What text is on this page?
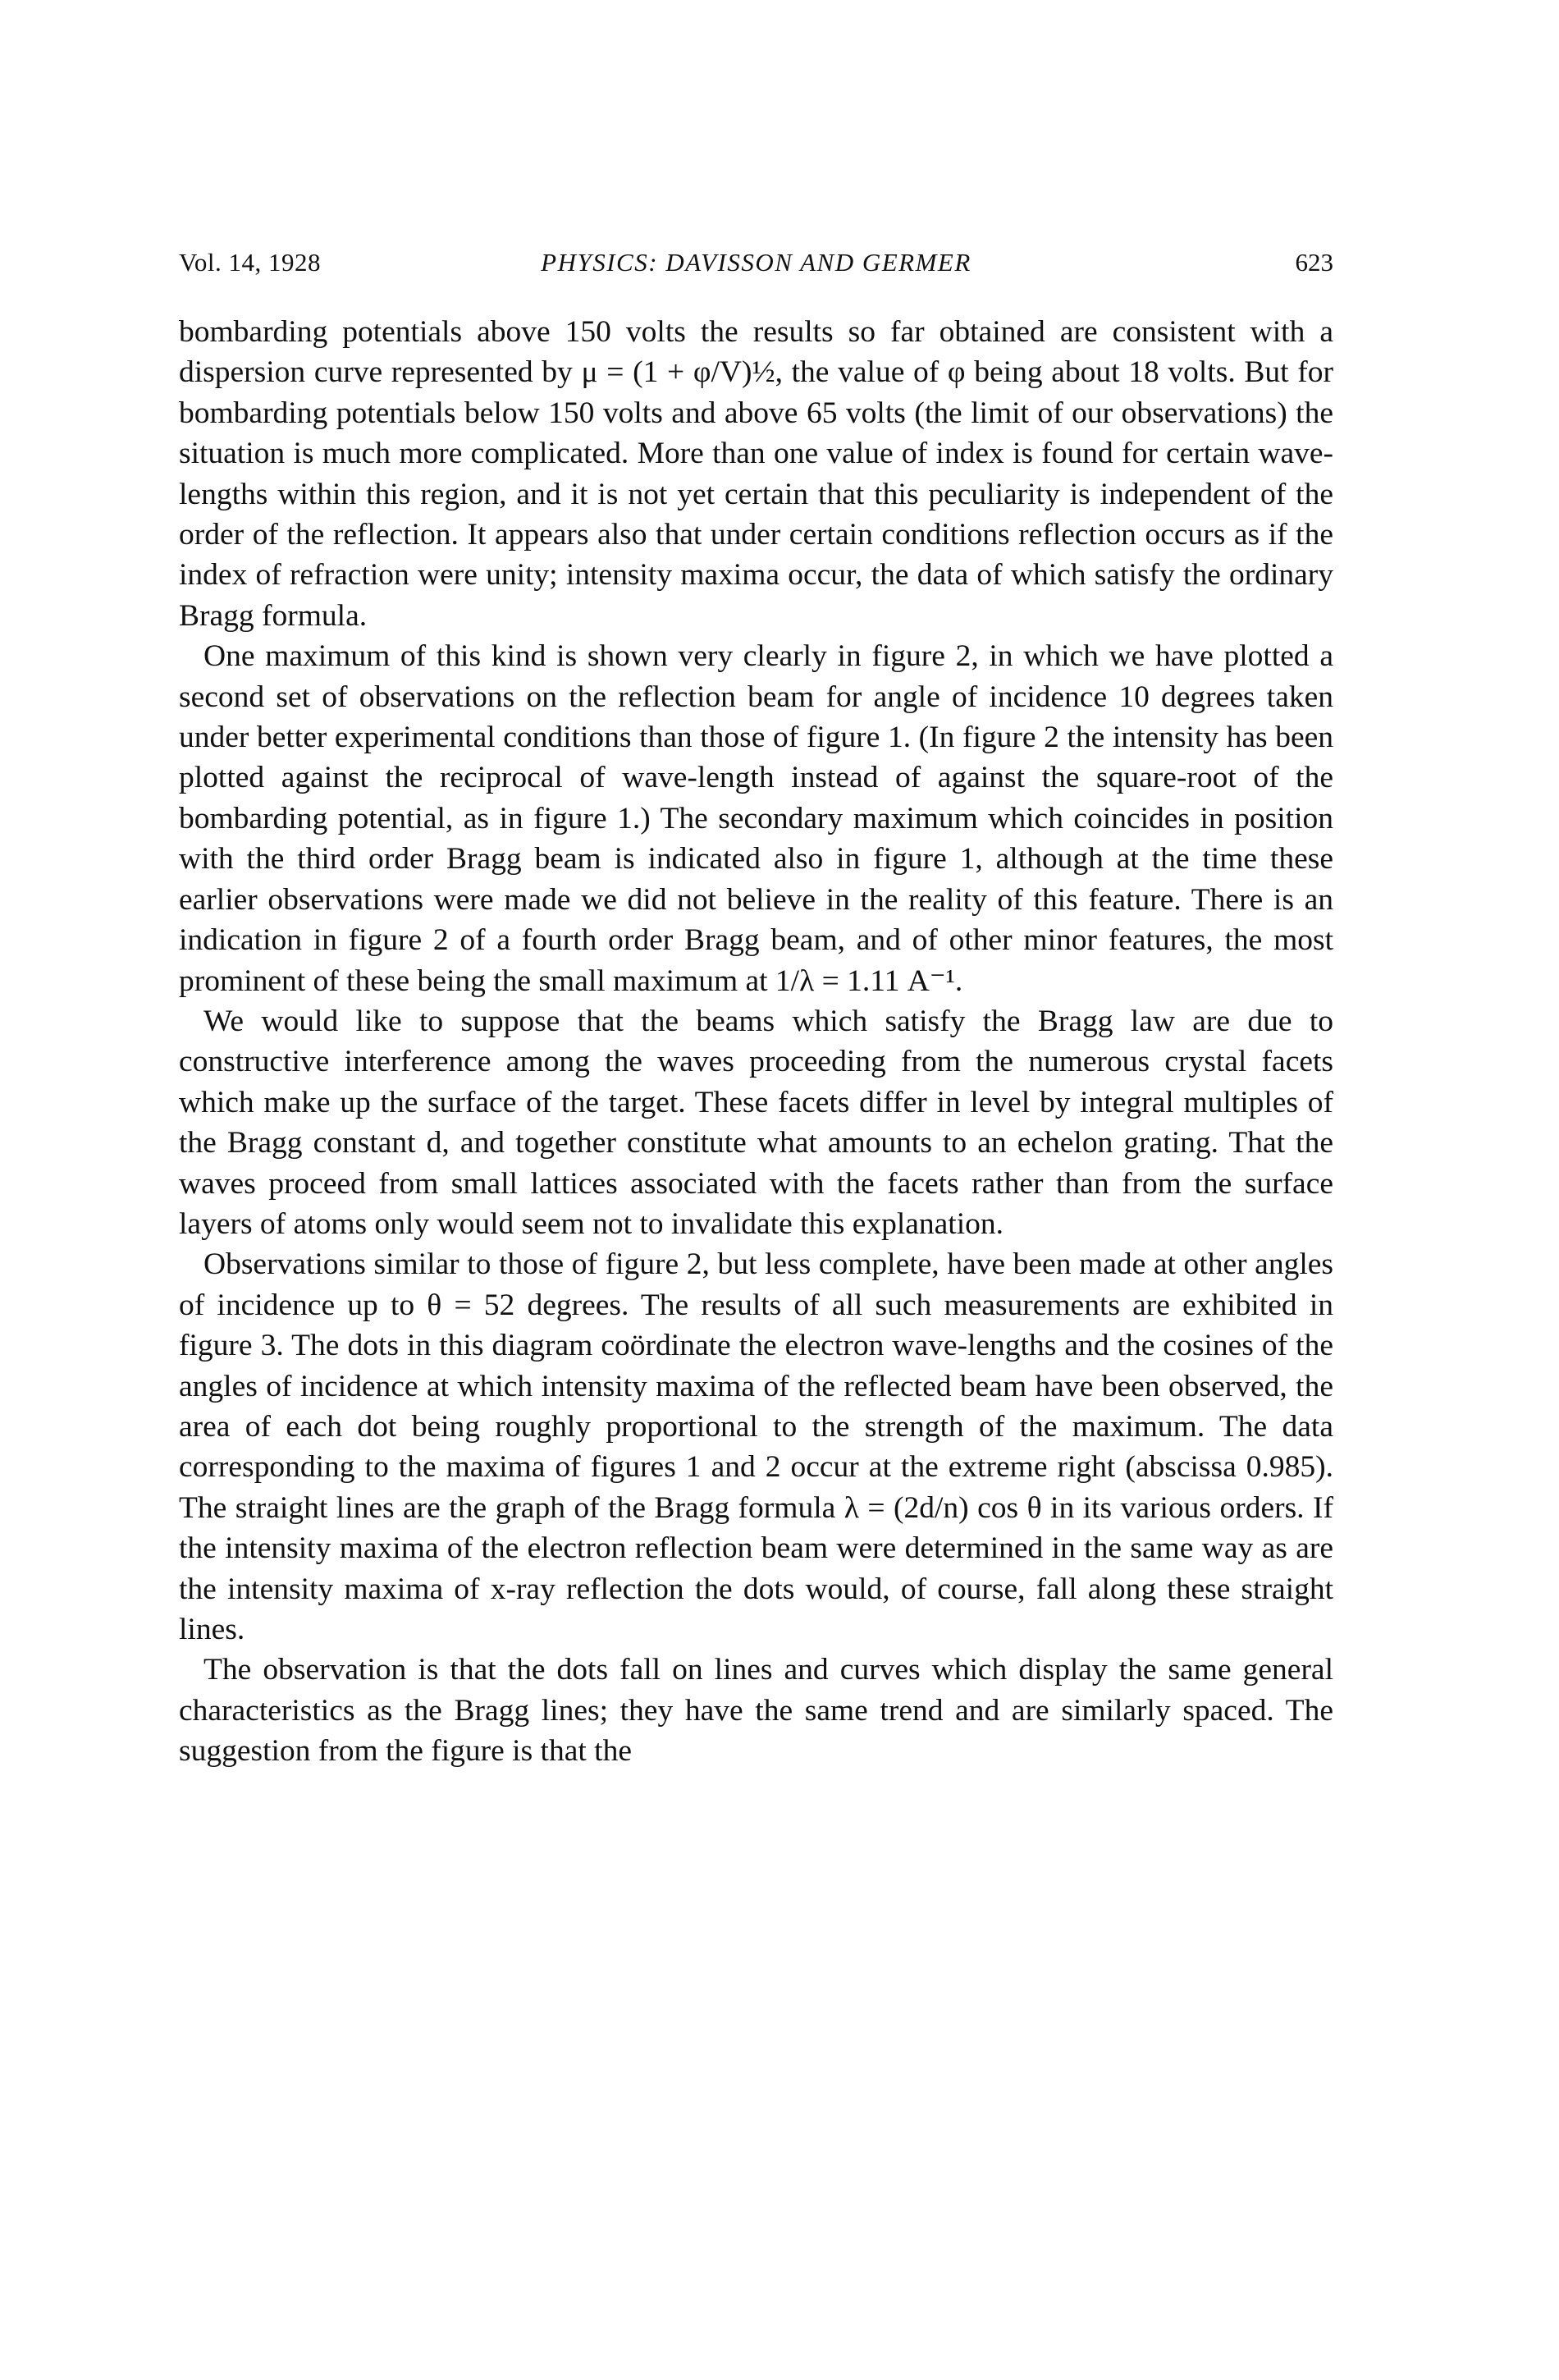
Vol. 14, 1928	PHYSICS: DAVISSON AND GERMER	623

bombarding potentials above 150 volts the results so far obtained are consistent with a dispersion curve represented by μ = (1 + φ/V)½, the value of φ being about 18 volts. But for bombarding potentials below 150 volts and above 65 volts (the limit of our observations) the situation is much more complicated. More than one value of index is found for certain wave-lengths within this region, and it is not yet certain that this peculiarity is independent of the order of the reflection. It appears also that under certain conditions reflection occurs as if the index of refraction were unity; intensity maxima occur, the data of which satisfy the ordinary Bragg formula.

One maximum of this kind is shown very clearly in figure 2, in which we have plotted a second set of observations on the reflection beam for angle of incidence 10 degrees taken under better experimental conditions than those of figure 1. (In figure 2 the intensity has been plotted against the reciprocal of wave-length instead of against the square-root of the bombarding potential, as in figure 1.) The secondary maximum which coincides in position with the third order Bragg beam is indicated also in figure 1, although at the time these earlier observations were made we did not believe in the reality of this feature. There is an indication in figure 2 of a fourth order Bragg beam, and of other minor features, the most prominent of these being the small maximum at 1/λ = 1.11 A⁻¹.

We would like to suppose that the beams which satisfy the Bragg law are due to constructive interference among the waves proceeding from the numerous crystal facets which make up the surface of the target. These facets differ in level by integral multiples of the Bragg constant d, and together constitute what amounts to an echelon grating. That the waves proceed from small lattices associated with the facets rather than from the surface layers of atoms only would seem not to invalidate this explanation.

Observations similar to those of figure 2, but less complete, have been made at other angles of incidence up to θ = 52 degrees. The results of all such measurements are exhibited in figure 3. The dots in this diagram coördinate the electron wave-lengths and the cosines of the angles of incidence at which intensity maxima of the reflected beam have been observed, the area of each dot being roughly proportional to the strength of the maximum. The data corresponding to the maxima of figures 1 and 2 occur at the extreme right (abscissa 0.985). The straight lines are the graph of the Bragg formula λ = (2d/n) cos θ in its various orders. If the intensity maxima of the electron reflection beam were determined in the same way as are the intensity maxima of x-ray reflection the dots would, of course, fall along these straight lines.

The observation is that the dots fall on lines and curves which display the same general characteristics as the Bragg lines; they have the same trend and are similarly spaced. The suggestion from the figure is that the
